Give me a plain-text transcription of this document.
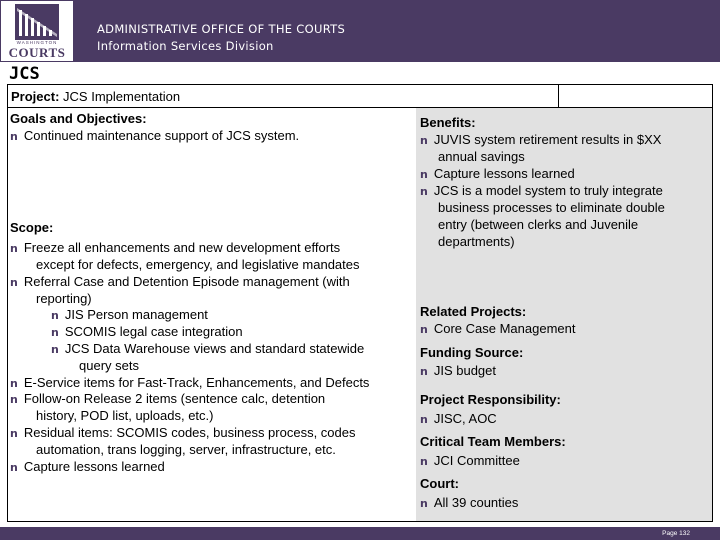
WASHINGTON
COURTS
ADMINISTRATIVE OFFICE OF THE COURTS
Information Services Division
JCS
Project: JCS Implementation
Goals and Objectives:
n Continued maintenance support of JCS system.
Scope:
n Freeze all enhancements and new development efforts
except for defects, emergency, and legislative mandates
n Referral Case and Detention Episode management (with
reporting)
n JIS Person management
n SCOMIS legal case integration
n JCS Data Warehouse views and standard statewide
query sets
n E-Service items for Fast-Track, Enhancements, and Defects
n Follow-on Release 2 items (sentence calc, detention
history, POD list, uploads, etc.)
n Residual items: SCOMIS codes, business process, codes
automation, trans logging, server, infrastructure, etc.
n Capture lessons learned
Benefits:
n JUVIS system retirement results in $XX
annual savings
n Capture lessons learned
n JCS is a model system to truly integrate
business processes to eliminate double
entry (between clerks and Juvenile
departments)
Related Projects:
n Core Case Management
Funding Source:
n JIS budget
Project Responsibility:
n JISC, AOC
Critical Team Members:
n JCI Committee
Court:
n All 39 counties
Page 132
